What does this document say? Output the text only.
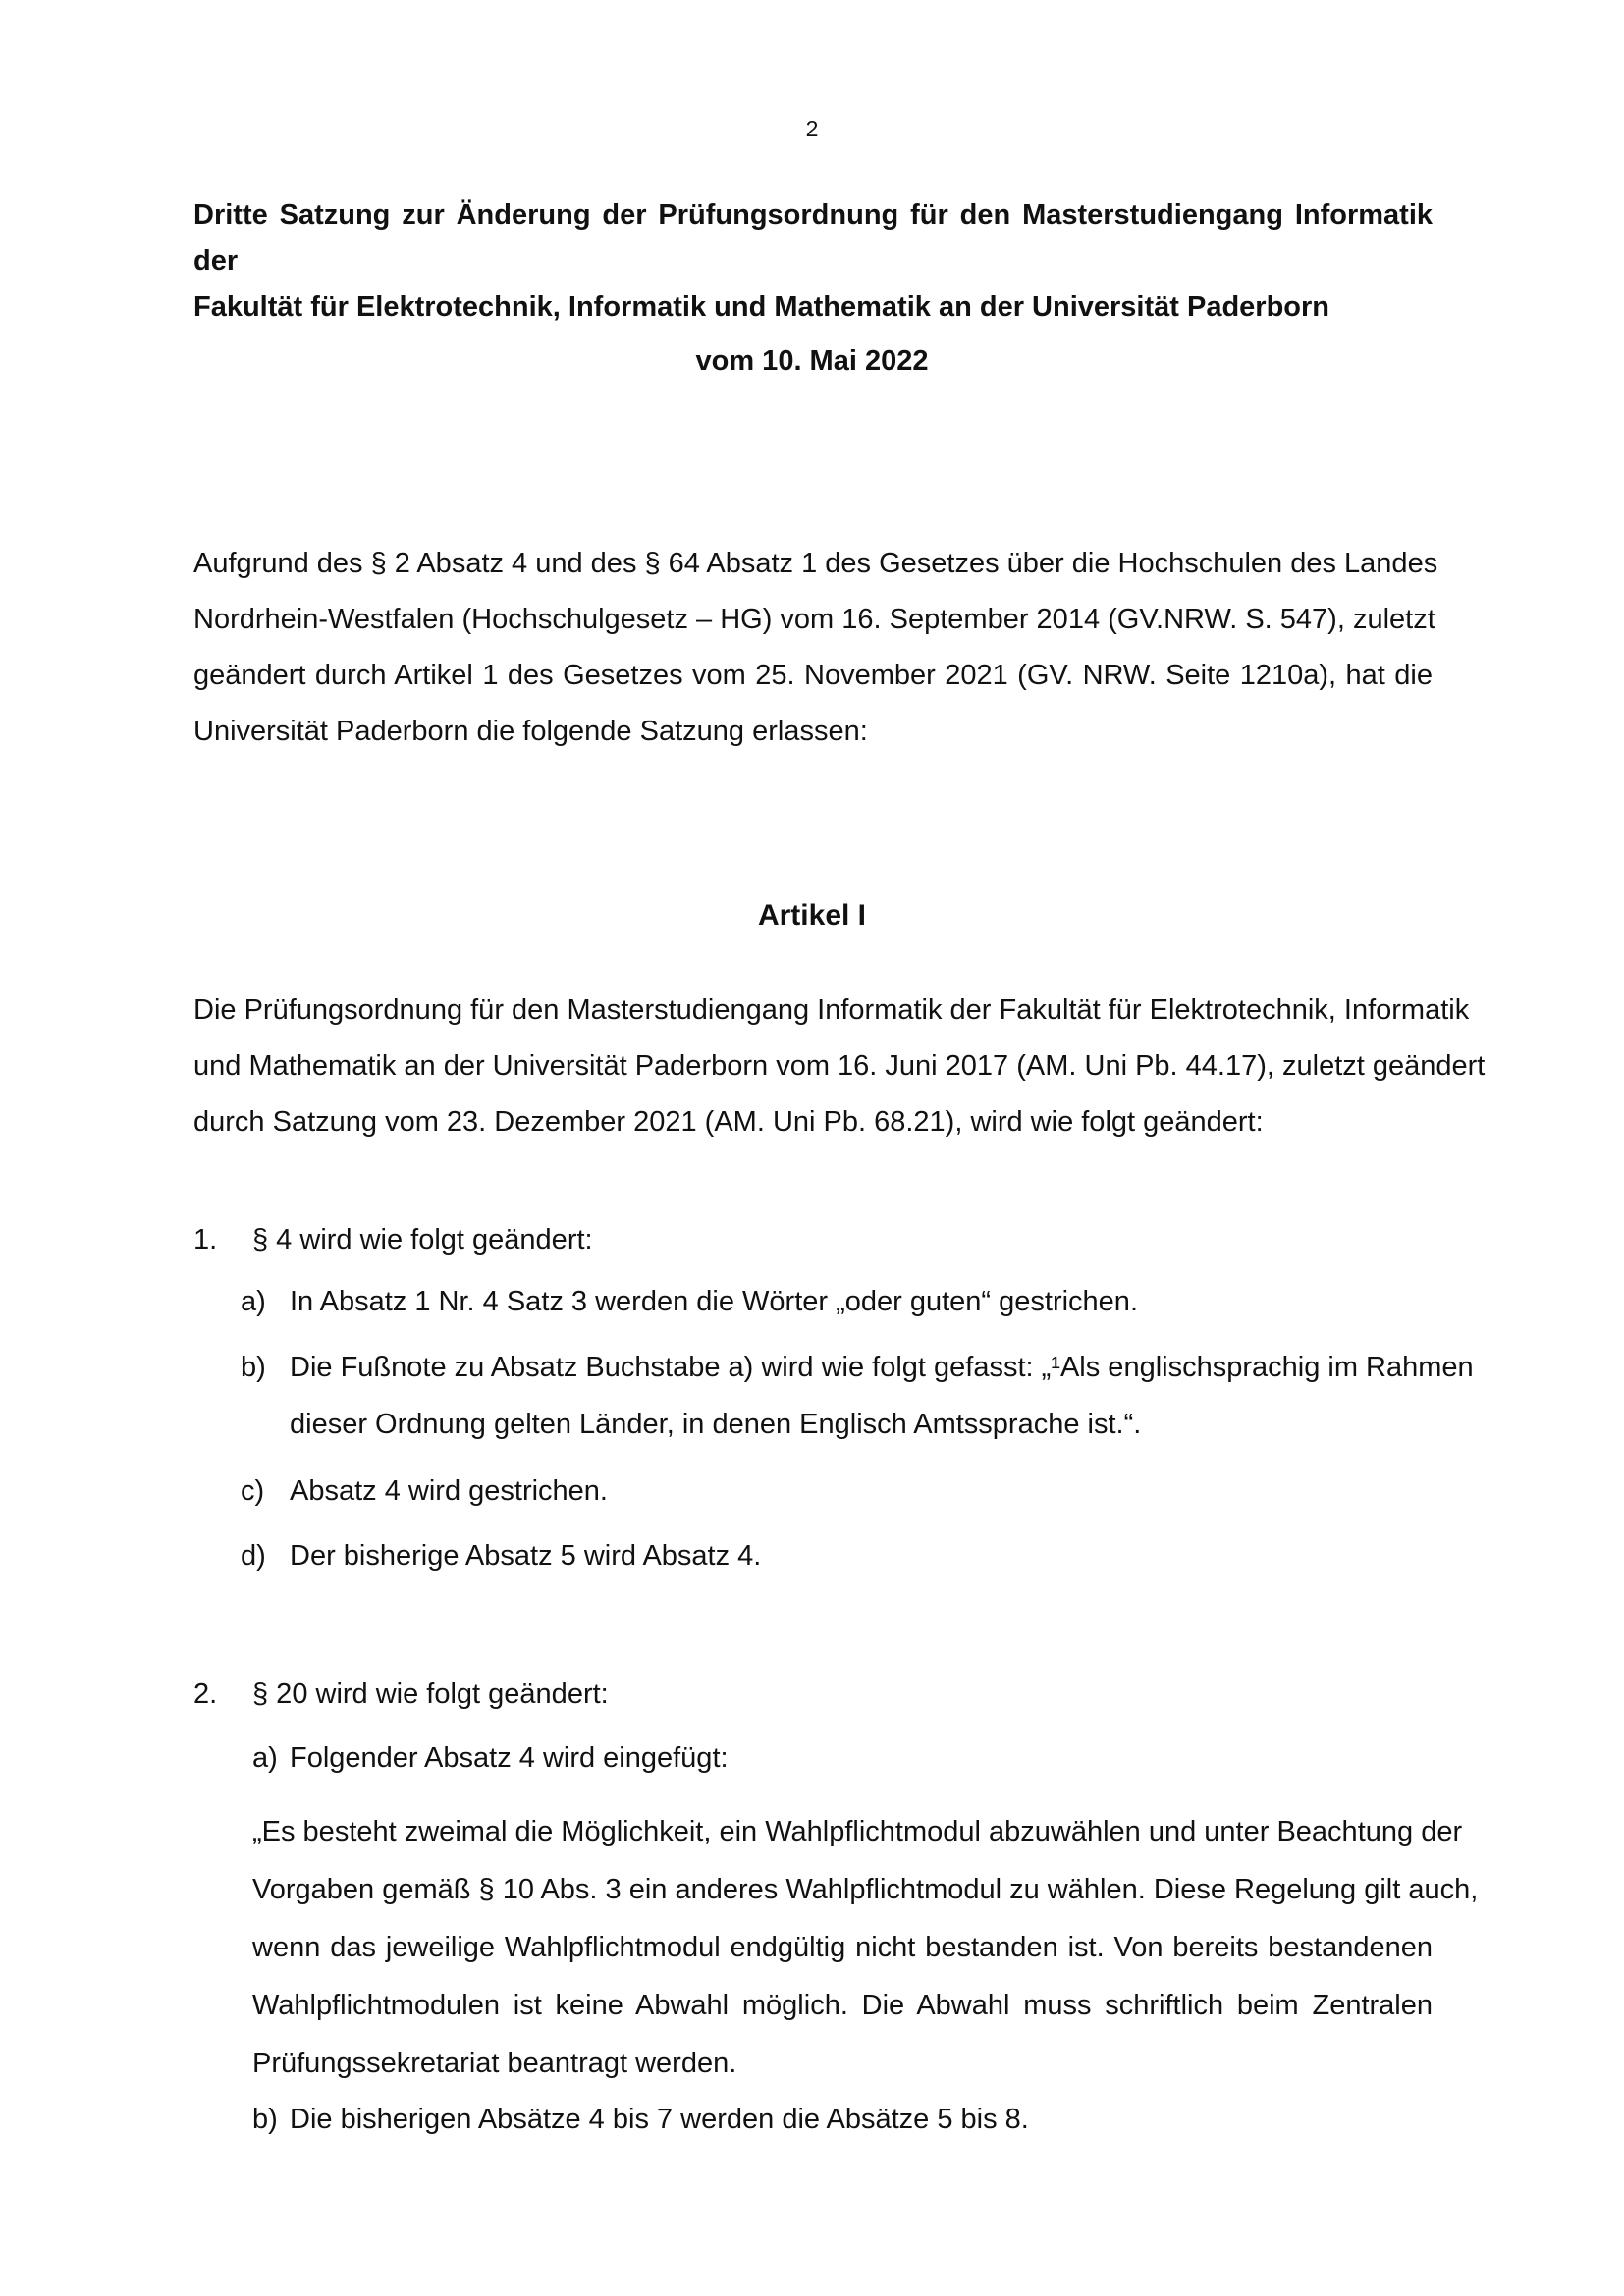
2
Dritte Satzung zur Änderung der Prüfungsordnung für den Masterstudiengang Informatik der
Fakultät für Elektrotechnik, Informatik und Mathematik an der Universität Paderborn
vom 10. Mai 2022
Aufgrund des § 2 Absatz 4 und des § 64 Absatz 1 des Gesetzes über die Hochschulen des Landes
Nordrhein-Westfalen (Hochschulgesetz – HG) vom 16. September 2014 (GV.NRW. S. 547), zuletzt
geändert durch Artikel 1 des Gesetzes vom 25. November 2021 (GV. NRW. Seite 1210a), hat die
Universität Paderborn die folgende Satzung erlassen:
Artikel I
Die Prüfungsordnung für den Masterstudiengang Informatik der Fakultät für Elektrotechnik, Informatik
und Mathematik an der Universität Paderborn vom 16. Juni 2017 (AM. Uni Pb. 44.17), zuletzt geändert
durch Satzung vom 23. Dezember 2021 (AM. Uni Pb. 68.21), wird wie folgt geändert:
1. § 4 wird wie folgt geändert:
a) In Absatz 1 Nr. 4 Satz 3 werden die Wörter „oder guten“ gestrichen.
b) Die Fußnote zu Absatz Buchstabe a) wird wie folgt gefasst: „¹Als englischsprachig im Rahmen
dieser Ordnung gelten Länder, in denen Englisch Amtssprache ist.“.
c) Absatz 4 wird gestrichen.
d) Der bisherige Absatz 5 wird Absatz 4.
2. § 20 wird wie folgt geändert:
a) Folgender Absatz 4 wird eingefügt:
„Es besteht zweimal die Möglichkeit, ein Wahlpflichtmodul abzuwählen und unter Beachtung der
Vorgaben gemäß § 10 Abs. 3 ein anderes Wahlpflichtmodul zu wählen. Diese Regelung gilt auch,
wenn das jeweilige Wahlpflichtmodul endgültig nicht bestanden ist. Von bereits bestandenen
Wahlpflichtmodulen ist keine Abwahl möglich. Die Abwahl muss schriftlich beim Zentralen
Prüfungssekretariat beantragt werden.
b) Die bisherigen Absätze 4 bis 7 werden die Absätze 5 bis 8.
